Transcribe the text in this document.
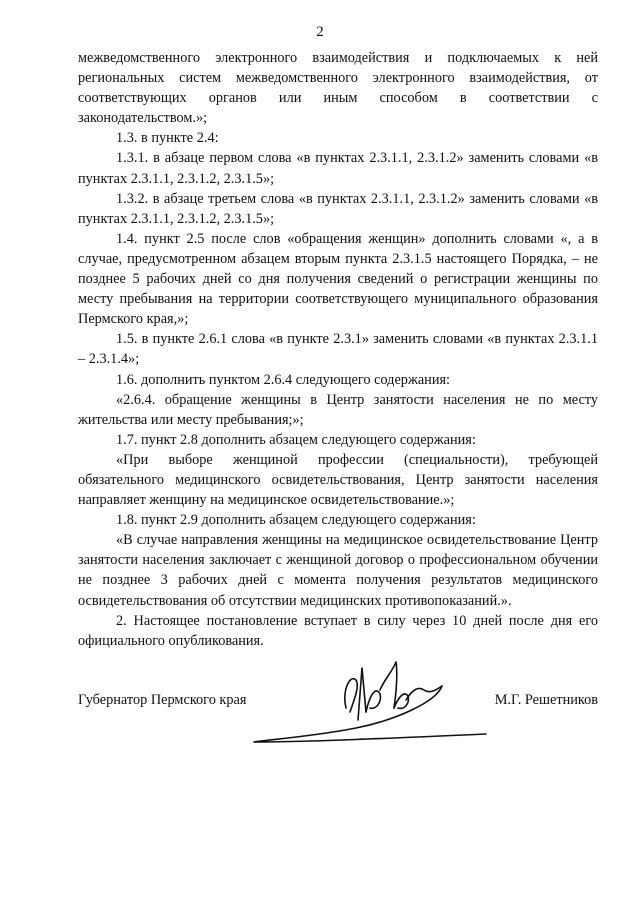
2

межведомственного электронного взаимодействия и подключаемых к ней региональных систем межведомственного электронного взаимодействия, от соответствующих органов или иным способом в соответствии с законодательством.»;

1.3. в пункте 2.4:

1.3.1. в абзаце первом слова «в пунктах 2.3.1.1, 2.3.1.2» заменить словами «в пунктах 2.3.1.1, 2.3.1.2, 2.3.1.5»;

1.3.2. в абзаце третьем слова «в пунктах 2.3.1.1, 2.3.1.2» заменить словами «в пунктах 2.3.1.1, 2.3.1.2, 2.3.1.5»;

1.4. пункт 2.5 после слов «обращения женщин» дополнить словами «, а в случае, предусмотренном абзацем вторым пункта 2.3.1.5 настоящего Порядка, – не позднее 5 рабочих дней со дня получения сведений о регистрации женщины по месту пребывания на территории соответствующего муниципального образования Пермского края,»;

1.5. в пункте 2.6.1 слова «в пункте 2.3.1» заменить словами «в пунктах 2.3.1.1 – 2.3.1.4»;

1.6. дополнить пунктом 2.6.4 следующего содержания:

«2.6.4. обращение женщины в Центр занятости населения не по месту жительства или месту пребывания;»;

1.7. пункт 2.8 дополнить абзацем следующего содержания:

«При выборе женщиной профессии (специальности), требующей обязательного медицинского освидетельствования, Центр занятости населения направляет женщину на медицинское освидетельствование.»;

1.8. пункт 2.9 дополнить абзацем следующего содержания:

«В случае направления женщины на медицинское освидетельствование Центр занятости населения заключает с женщиной договор о профессиональном обучении не позднее 3 рабочих дней с момента получения результатов медицинского освидетельствования об отсутствии медицинских противопоказаний.».

2. Настоящее постановление вступает в силу через 10 дней после дня его официального опубликования.

Губернатор Пермского края	М.Г. Решетников
